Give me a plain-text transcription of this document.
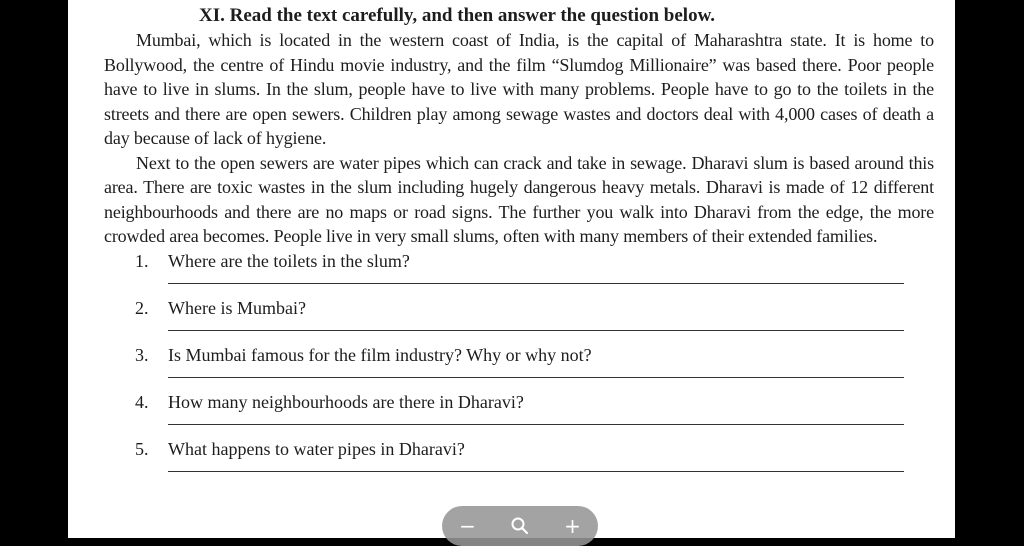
XI. Read the text carefully, and then answer the question below.

Mumbai, which is located in the western coast of India, is the capital of Maharashtra state. It is home to Bollywood, the centre of Hindu movie industry, and the film “Slumdog Millionaire” was based there. Poor people have to live in slums. In the slum, people have to live with many problems. People have to go to the toilets in the streets and there are open sewers. Children play among sewage wastes and doctors deal with 4,000 cases of death a day because of lack of hygiene.

Next to the open sewers are water pipes which can crack and take in sewage. Dharavi slum is based around this area. There are toxic wastes in the slum including hugely dangerous heavy metals. Dharavi is made of 12 different neighbourhoods and there are no maps or road signs. The further you walk into Dharavi from the edge, the more crowded area becomes. People live in very small slums, often with many members of their extended families.

1. Where are the toilets in the slum?
2. Where is Mumbai?
3. Is Mumbai famous for the film industry? Why or why not?
4. How many neighbourhoods are there in Dharavi?
5. What happens to water pipes in Dharavi?
−	+
